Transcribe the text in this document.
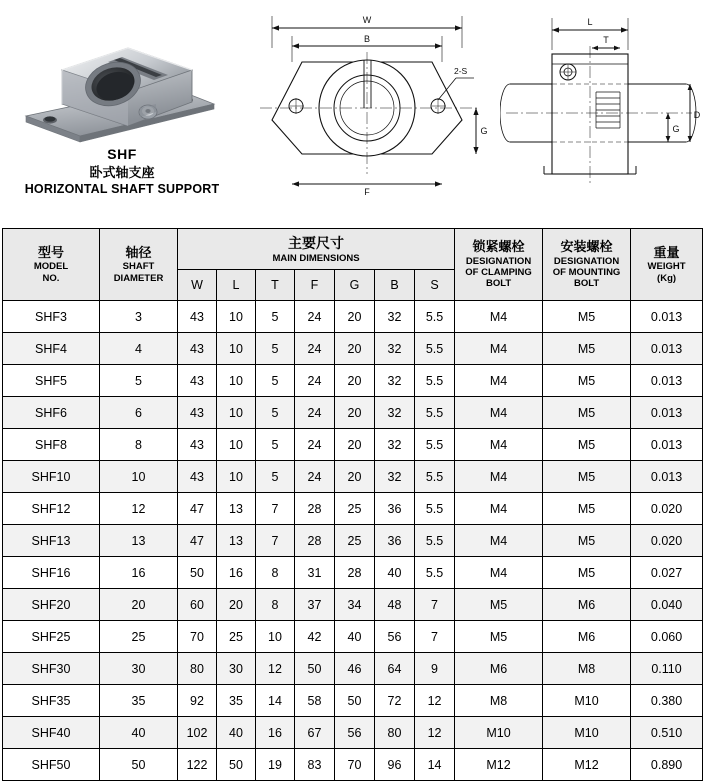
SHF
卧式轴支座
HORIZONTAL SHAFT SUPPORT
W
B
F
2-S
G
L
T
G
D
型号
MODEL
NO.

轴径
SHAFT
DIAMETER

主要尺寸
MAIN DIMENSIONS

锁紧螺栓
DESIGNATION
OF CLAMPING
BOLT

安装螺栓
DESIGNATION
OF MOUNTING
BOLT

重量
WEIGHT
(Kg)

		W	L	T	F	G	B	S			
SHF3	3	43	10	5	24	20	32	5.5	M4	M5	0.013
SHF4	4	43	10	5	24	20	32	5.5	M4	M5	0.013
SHF5	5	43	10	5	24	20	32	5.5	M4	M5	0.013
SHF6	6	43	10	5	24	20	32	5.5	M4	M5	0.013
SHF8	8	43	10	5	24	20	32	5.5	M4	M5	0.013
SHF10	10	43	10	5	24	20	32	5.5	M4	M5	0.013
SHF12	12	47	13	7	28	25	36	5.5	M4	M5	0.020
SHF13	13	47	13	7	28	25	36	5.5	M4	M5	0.020
SHF16	16	50	16	8	31	28	40	5.5	M4	M5	0.027
SHF20	20	60	20	8	37	34	48	7	M5	M6	0.040
SHF25	25	70	25	10	42	40	56	7	M5	M6	0.060
SHF30	30	80	30	12	50	46	64	9	M6	M8	0.110
SHF35	35	92	35	14	58	50	72	12	M8	M10	0.380
SHF40	40	102	40	16	67	56	80	12	M10	M10	0.510
SHF50	50	122	50	19	83	70	96	14	M12	M12	0.890
